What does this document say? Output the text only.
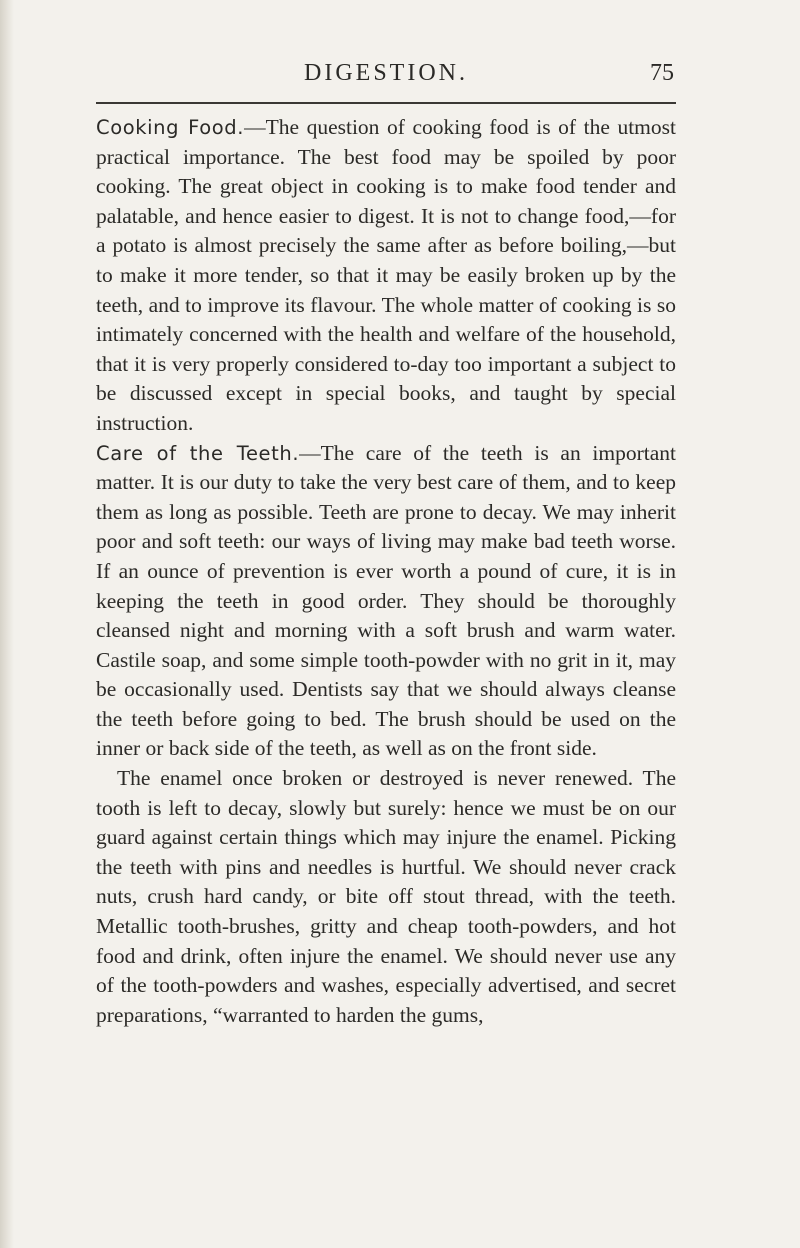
DIGESTION.	75

Cooking Food.—The question of cooking food is of the utmost practical importance. The best food may be spoiled by poor cooking. The great object in cooking is to make food tender and palatable, and hence easier to digest. It is not to change food,—for a potato is almost precisely the same after as before boiling,—but to make it more tender, so that it may be easily broken up by the teeth, and to improve its flavour. The whole matter of cooking is so intimately concerned with the health and welfare of the household, that it is very properly considered to-day too important a subject to be discussed except in special books, and taught by special instruction.

Care of the Teeth.—The care of the teeth is an important matter. It is our duty to take the very best care of them, and to keep them as long as possible. Teeth are prone to decay. We may inherit poor and soft teeth: our ways of living may make bad teeth worse. If an ounce of prevention is ever worth a pound of cure, it is in keeping the teeth in good order. They should be thoroughly cleansed night and morning with a soft brush and warm water. Castile soap, and some simple tooth-powder with no grit in it, may be occasionally used. Dentists say that we should always cleanse the teeth before going to bed. The brush should be used on the inner or back side of the teeth, as well as on the front side.

The enamel once broken or destroyed is never renewed. The tooth is left to decay, slowly but surely: hence we must be on our guard against certain things which may injure the enamel. Picking the teeth with pins and needles is hurtful. We should never crack nuts, crush hard candy, or bite off stout thread, with the teeth. Metallic tooth-brushes, gritty and cheap tooth-powders, and hot food and drink, often injure the enamel. We should never use any of the tooth-powders and washes, especially advertised, and secret preparations, “warranted to harden the gums,
